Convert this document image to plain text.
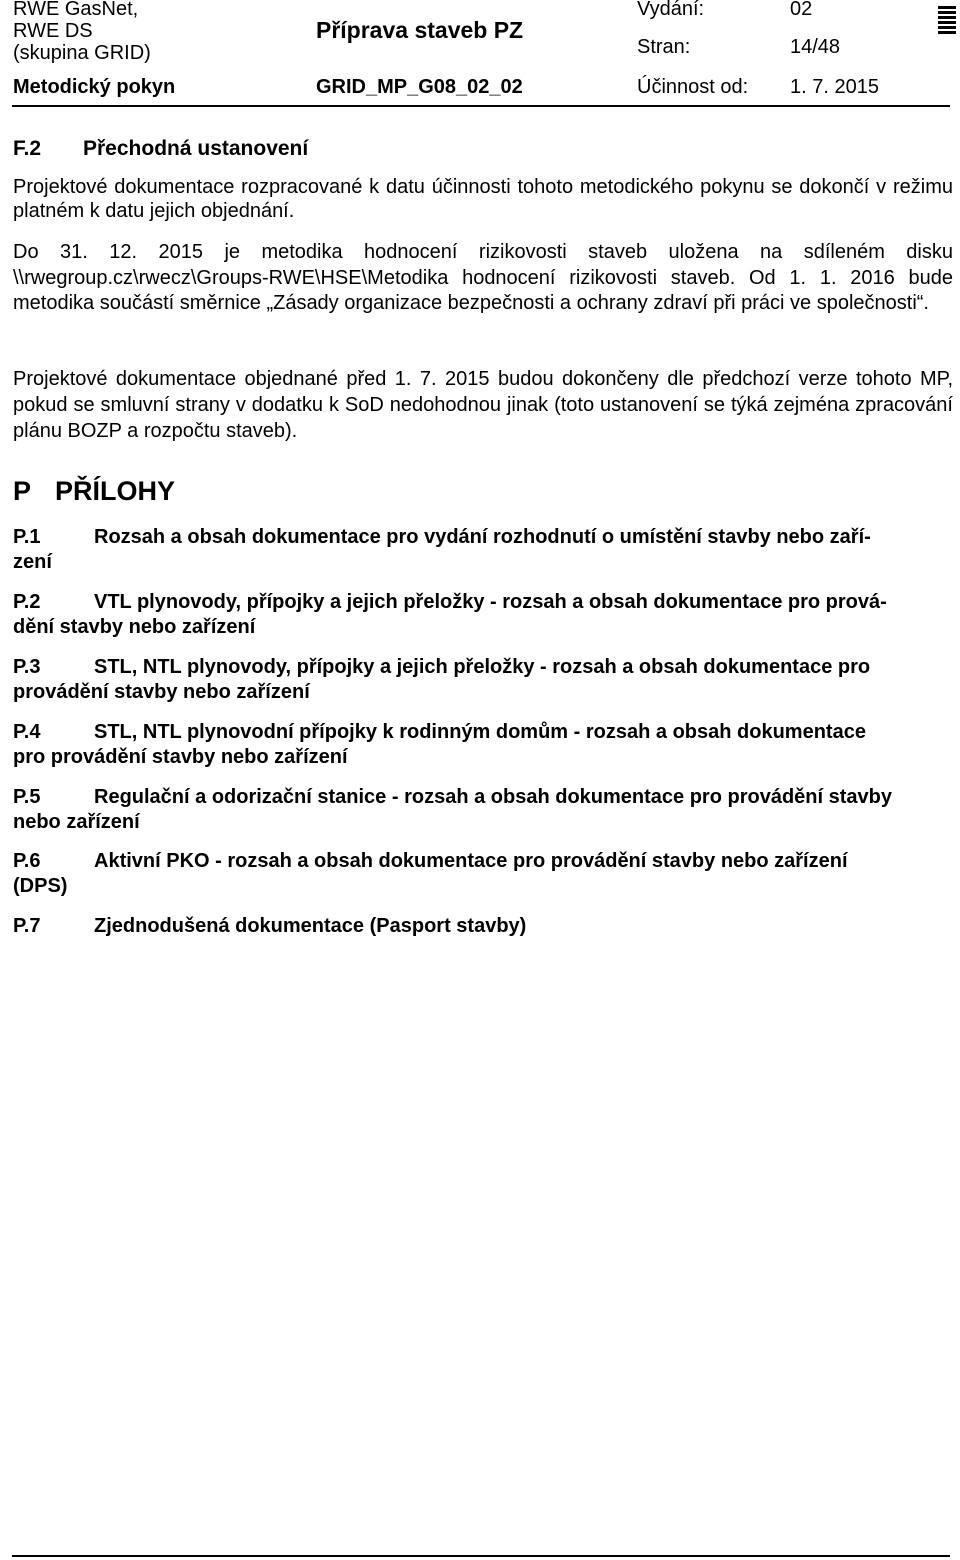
RWE GasNet,
RWE DS
(skupina GRID)
Metodický pokyn
Příprava staveb PZ
GRID_MP_G08_02_02
Vydání:	02
Stran:	14/48
Účinnost od: 1. 7. 2015
F.2 Přechodná ustanovení

Projektové dokumentace rozpracované k datu účinnosti tohoto metodického pokynu se dokončí v režimu platném k datu jejich objednání.

Do 31. 12. 2015 je metodika hodnocení rizikovosti staveb uložena na sdíleném disku \\rwegroup.cz\rwecz\Groups-RWE\HSE\Metodika hodnocení rizikovosti staveb. Od 1. 1. 2016 bude metodika součástí směrnice „Zásady organizace bezpečnosti a ochrany zdraví při práci ve společnosti“.

Projektové dokumentace objednané před 1. 7. 2015 budou dokončeny dle předchozí verze tohoto MP, pokud se smluvní strany v dodatku k SoD nedohodnou jinak (toto ustanovení se týká zejména zpracování plánu BOZP a rozpočtu staveb).

P PŘÍLOHY
P.1	Rozsah a obsah dokumentace pro vydání rozhodnutí o umístění stavby nebo zaří-
zení
P.2	VTL plynovody, přípojky a jejich přeložky - rozsah a obsah dokumentace pro prová-
dění stavby nebo zařízení
P.3	STL, NTL plynovody, přípojky a jejich přeložky - rozsah a obsah dokumentace pro
provádění stavby nebo zařízení
P.4	STL, NTL plynovodní přípojky k rodinným domům - rozsah a obsah dokumentace
pro provádění stavby nebo zařízení
P.5	Regulační a odorizační stanice - rozsah a obsah dokumentace pro provádění stavby
nebo zařízení
P.6	Aktivní PKO - rozsah a obsah dokumentace pro provádění stavby nebo zařízení
(DPS)
P.7	Zjednodušená dokumentace (Pasport stavby)
